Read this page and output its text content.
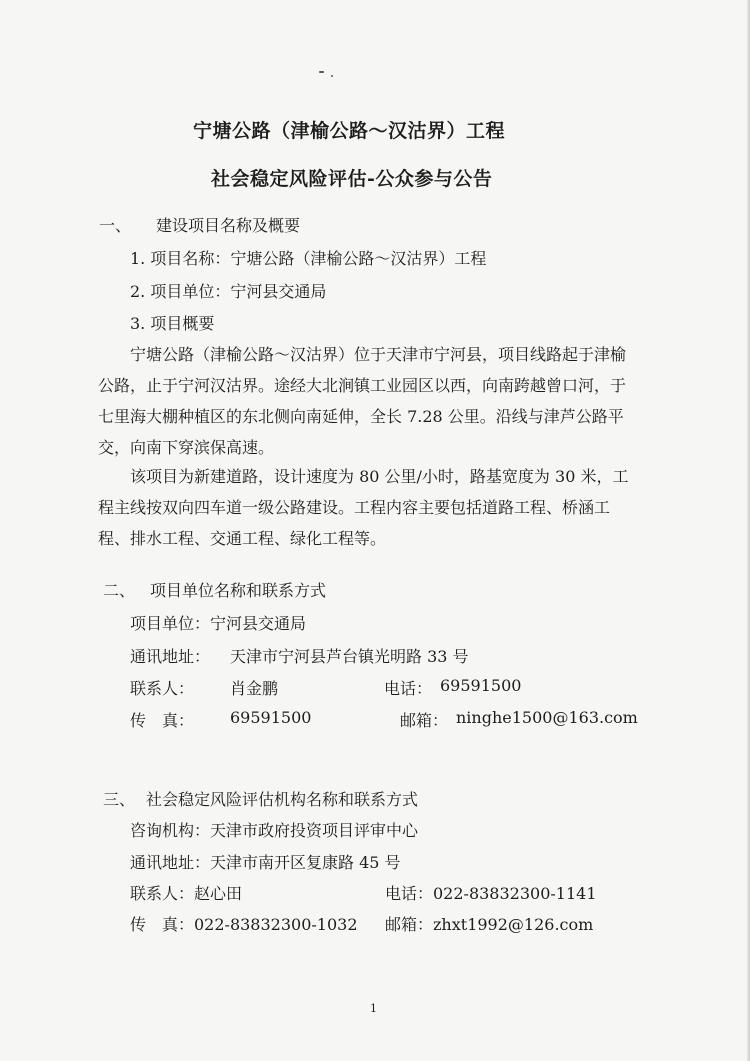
宁塘公路（津榆公路～汉沽界）工程
社会稳定风险评估-公众参与公告
一、 建设项目名称及概要
1. 项目名称：宁塘公路（津榆公路～汉沽界）工程
2. 项目单位：宁河县交通局
3. 项目概要
宁塘公路（津榆公路～汉沽界）位于天津市宁河县，项目线路起于津榆公路，止于宁河汉沽界。途经大北涧镇工业园区以西，向南跨越曾口河，于七里海大棚种植区的东北侧向南延伸，全长 7.28 公里。沿线与津芦公路平交，向南下穿滨保高速。
该项目为新建道路，设计速度为 80 公里/小时，路基宽度为 30 米，工程主线按双向四车道一级公路建设。工程内容主要包括道路工程、桥涵工程、排水工程、交通工程、绿化工程等。
二、 项目单位名称和联系方式
项目单位：宁河县交通局
通讯地址： 天津市宁河县芦台镇光明路 33 号
联系人： 肖金鹏	电话： 69591500
传　真： 69591500	邮箱： ninghe1500@163.com
三、 社会稳定风险评估机构名称和联系方式
咨询机构：天津市政府投资项目评审中心
通讯地址：天津市南开区复康路 45 号
联系人：赵心田	电话：022-83832300-1141
传　真：022-83832300-1032 邮箱：zhxt1992@126.com
1
